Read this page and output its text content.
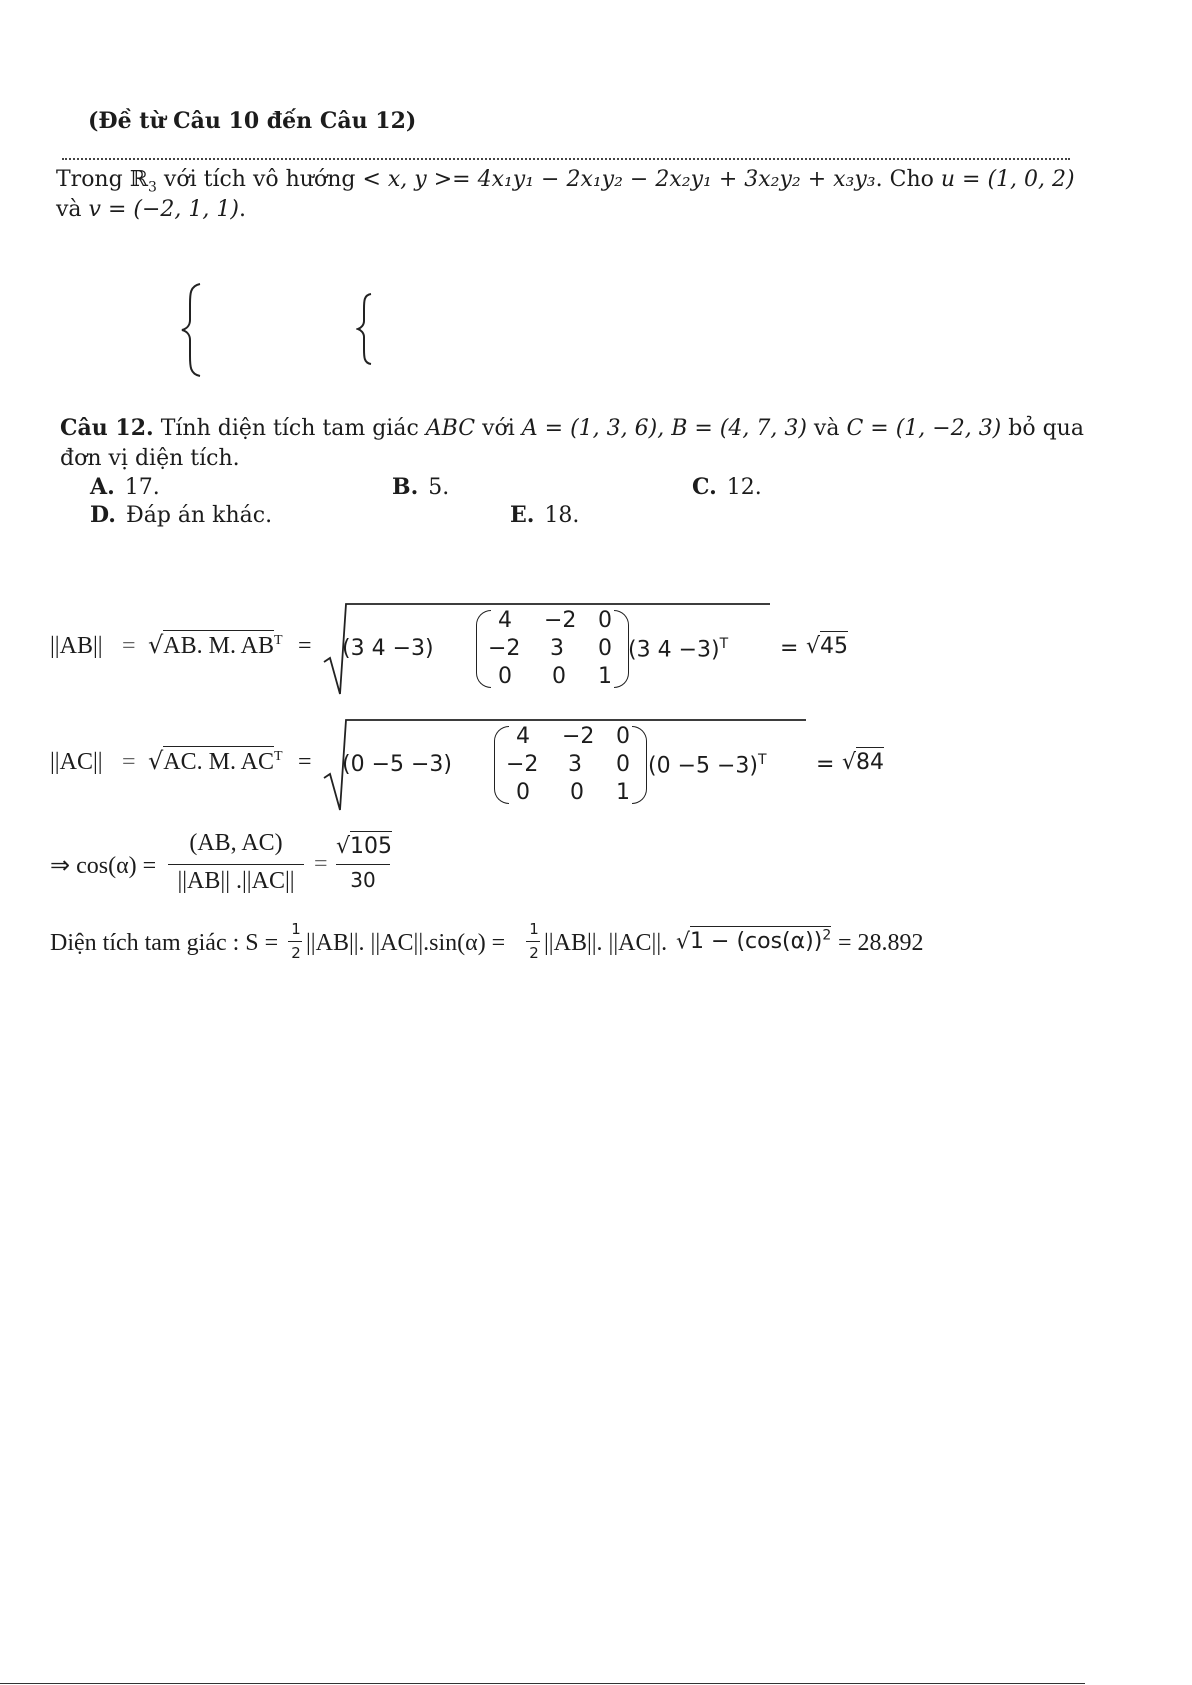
(Đề từ Câu 10 đến Câu 12)
Trong ℝ$_3$ với tích vô hướng < x, y >= 4x₁y₁ − 2x₁y₂ − 2x₂y₁ + 3x₂y₂ + x₃y₃. Cho u = (1, 0, 2)
và v = (−2, 1, 1).
Câu 12. Tính diện tích tam giác ABC với A = (1, 3, 6), B = (4, 7, 3) và C = (1, −2, 3) bỏ qua
đơn vị diện tích.
A. 17.	B. 5.	C. 12.
D. Đáp án khác.	E. 18.
||AB|| = √AB. M. $AB^T = (3$ 4 −3)
4 −2 0
−2 3 0
0 0 1
(3 4 −3)$^T$ = √45
||AC|| = √AC. M. $AC^T = (0 -5 -3)$
4 −2 0
−2 3 0
0 0 1
$(0 -5 -3)^T = √84$
⇒ cos(α) =
(AB, AC)
||AB|| .||AC||
=
√105
30
Diện tích tam giác : S =
1
2 ||AB||. ||AC||.sin(α) =
1
2 ||AB||. ||AC||. $√1 - (\cos(\alpha))^2 = 28.892$
